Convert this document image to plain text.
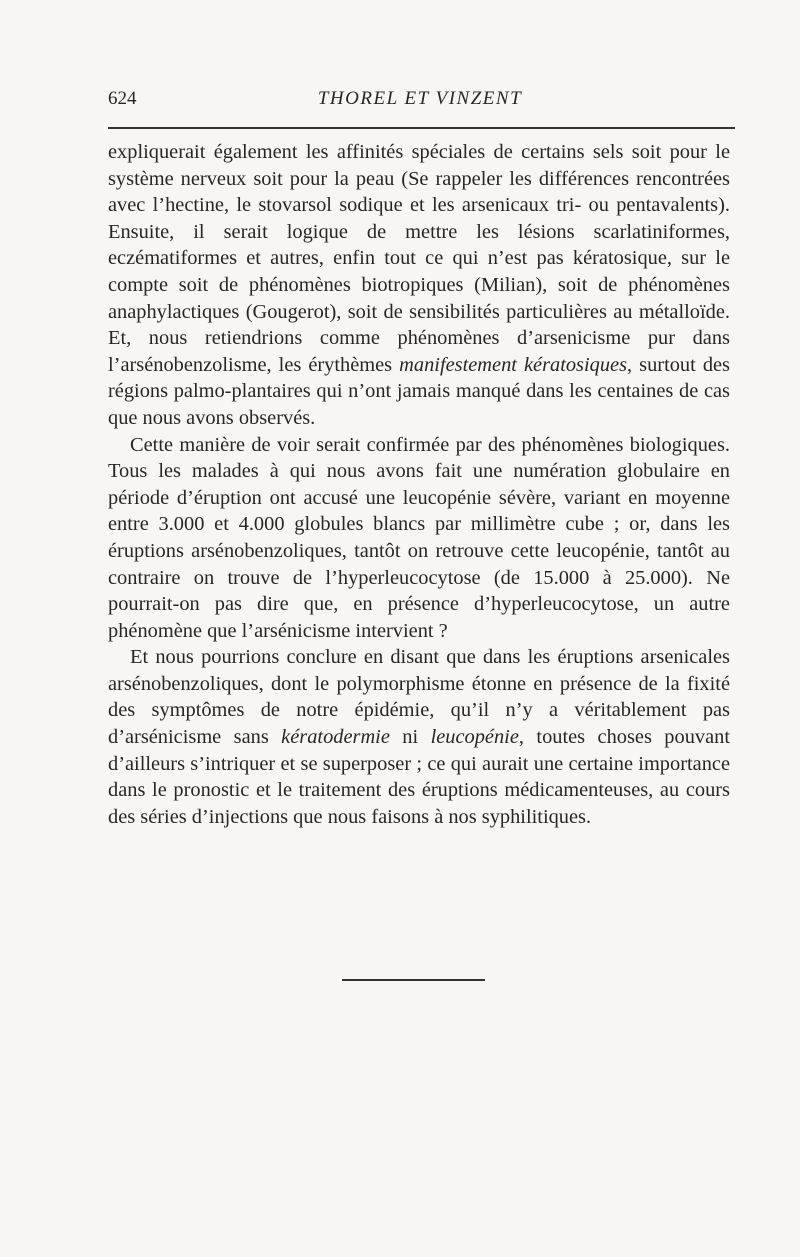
624	THOREL ET VINZENT

expliquerait également les affinités spéciales de certains sels soit pour le système nerveux soit pour la peau (Se rappeler les différences rencontrées avec l’hectine, le stovarsol sodique et les arsenicaux tri- ou pentavalents). Ensuite, il serait logique de mettre les lésions scarlatiniformes, eczématiformes et autres, enfin tout ce qui n’est pas kératosique, sur le compte soit de phénomènes biotropiques (Milian), soit de phénomènes anaphylactiques (Gougerot), soit de sensibilités particulières au métalloïde. Et, nous retiendrions comme phénomènes d’arsenicisme pur dans l’arsénobenzolisme, les érythèmes manifestement kératosiques, surtout des régions palmo-plantaires qui n’ont jamais manqué dans les centaines de cas que nous avons observés.

Cette manière de voir serait confirmée par des phénomènes biologiques. Tous les malades à qui nous avons fait une numération globulaire en période d’éruption ont accusé une leucopénie sévère, variant en moyenne entre 3.000 et 4.000 globules blancs par millimètre cube ; or, dans les éruptions arsénobenzoliques, tantôt on retrouve cette leucopénie, tantôt au contraire on trouve de l’hyperleucocytose (de 15.000 à 25.000). Ne pourrait-on pas dire que, en présence d’hyperleucocytose, un autre phénomène que l’arsénicisme intervient ?

Et nous pourrions conclure en disant que dans les éruptions arsenicales arsénobenzoliques, dont le polymorphisme étonne en présence de la fixité des symptômes de notre épidémie, qu’il n’y a véritablement pas d’arsénicisme sans kératodermie ni leucopénie, toutes choses pouvant d’ailleurs s’intriquer et se superposer ; ce qui aurait une certaine importance dans le pronostic et le traitement des éruptions médicamenteuses, au cours des séries d’injections que nous faisons à nos syphilitiques.
